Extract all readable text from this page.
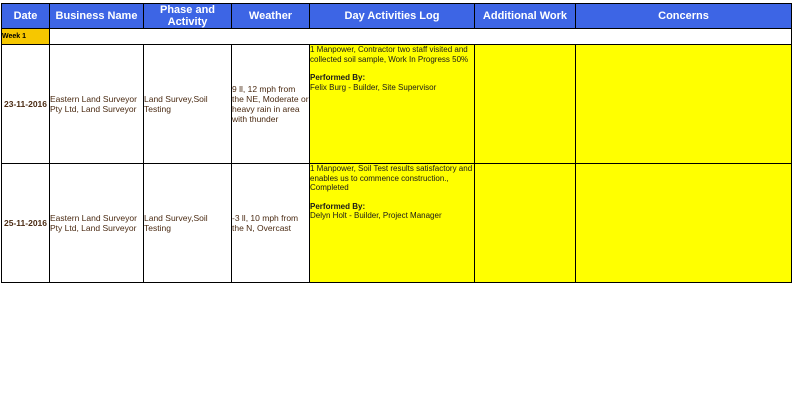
Date	Business Name	Phase and Activity	Weather	Day Activities Log	Additional Work	Concerns
Week 1						
23-11-2016	Eastern Land Surveyor Pty Ltd, Land Surveyor	Land Survey,Soil Testing	9 ll, 12 mph from the NE, Moderate or heavy rain in area with thunder	1 Manpower, Contractor two staff visited and collected soil sample, Work In Progress 50%
Performed By:
Felix Burg - Builder, Site Supervisor		

25-11-2016	Eastern Land Surveyor Pty Ltd, Land Surveyor	Land Survey,Soil Testing	-3 ll, 10 mph from the N, Overcast	1 Manpower, Soil Test results satisfactory and enables us to commence construction., Completed
Performed By:
Delyn Holt - Builder, Project Manager		
